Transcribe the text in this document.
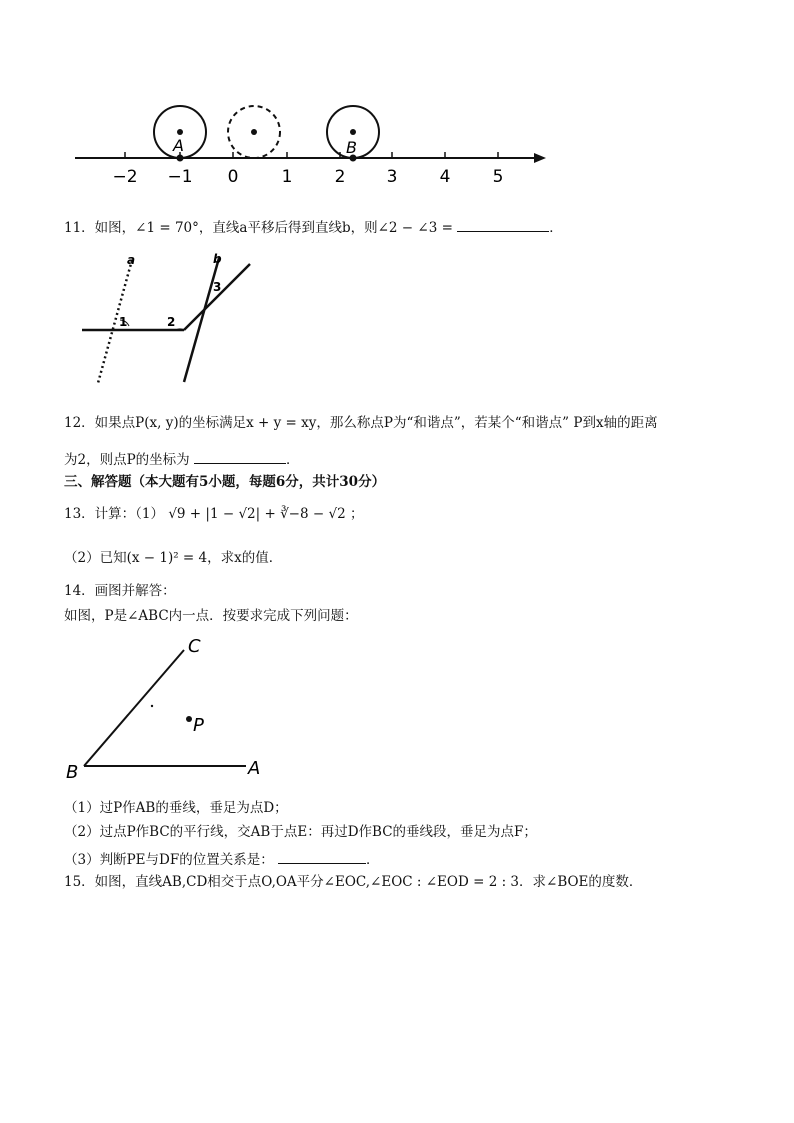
A	B
−2 −1 0	1 2 3 4 5
11．如图，∠1 = 70°，直线a平移后得到直线b，则∠2 − ∠3 =	．
a	b
1	2
3
12．如果点P(x, y)的坐标满足x + y = xy，那么称点P为“和谐点”，若某个“和谐点” P到x轴的距离
为2，则点P的坐标为	．
三、解答题（本大题有5小题，每题6分，共计30分）
13．计算：（1） √9 + |1 − √2| + ∛−8 − √2 ；
（2）已知(x − 1)² = 4，求x的值．
14．画图并解答：
如图，P是∠ABC内一点．按要求完成下列问题：
C
B	A
P
（1）过P作AB的垂线，垂足为点D；
（2）过点P作BC的平行线，交AB于点E：再过D作BC的垂线段，垂足为点F；
（3）判断PE与DF的位置关系是：	．
15．如图，直线AB,CD相交于点O,OA平分∠EOC,∠EOC : ∠EOD = 2 : 3．求∠BOE的度数．
